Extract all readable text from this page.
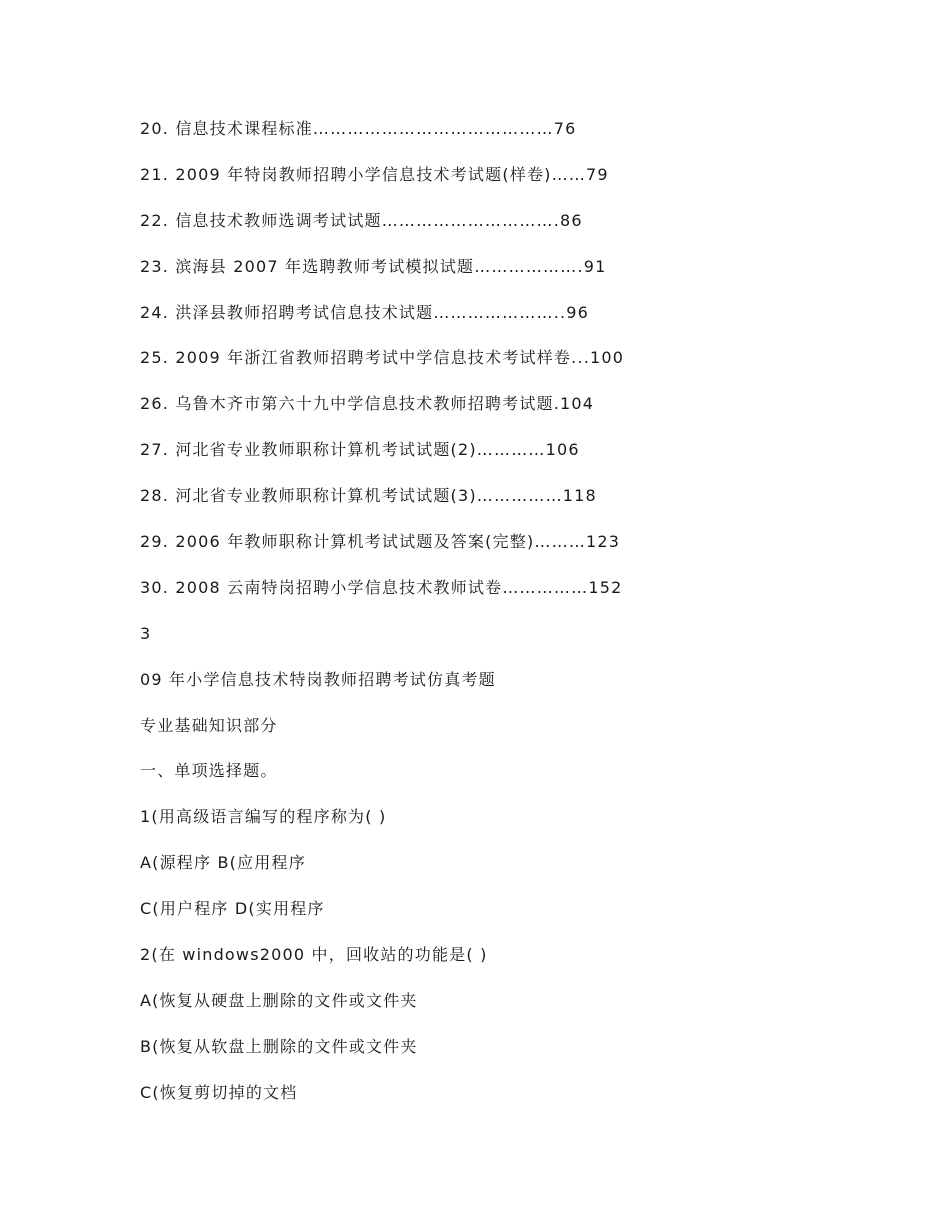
20. 信息技术课程标准……………………………………76
21. 2009 年特岗教师招聘小学信息技术考试题(样卷)……79
22. 信息技术教师选调考试试题………………………….86
23. 滨海县 2007 年选聘教师考试模拟试题……………….91
24. 洪泽县教师招聘考试信息技术试题…………………..96
25. 2009 年浙江省教师招聘考试中学信息技术考试样卷...100
26. 乌鲁木齐市第六十九中学信息技术教师招聘考试题.104
27. 河北省专业教师职称计算机考试试题(2)…………106
28. 河北省专业教师职称计算机考试试题(3)……………118
29. 2006 年教师职称计算机考试试题及答案(完整)………123
30. 2008 云南特岗招聘小学信息技术教师试卷……………152
3
09 年小学信息技术特岗教师招聘考试仿真考题
专业基础知识部分
一、单项选择题。
1(用高级语言编写的程序称为( )
A(源程序 B(应用程序
C(用户程序 D(实用程序
2(在 windows2000 中，回收站的功能是( )
A(恢复从硬盘上删除的文件或文件夹
B(恢复从软盘上删除的文件或文件夹
C(恢复剪切掉的文档
